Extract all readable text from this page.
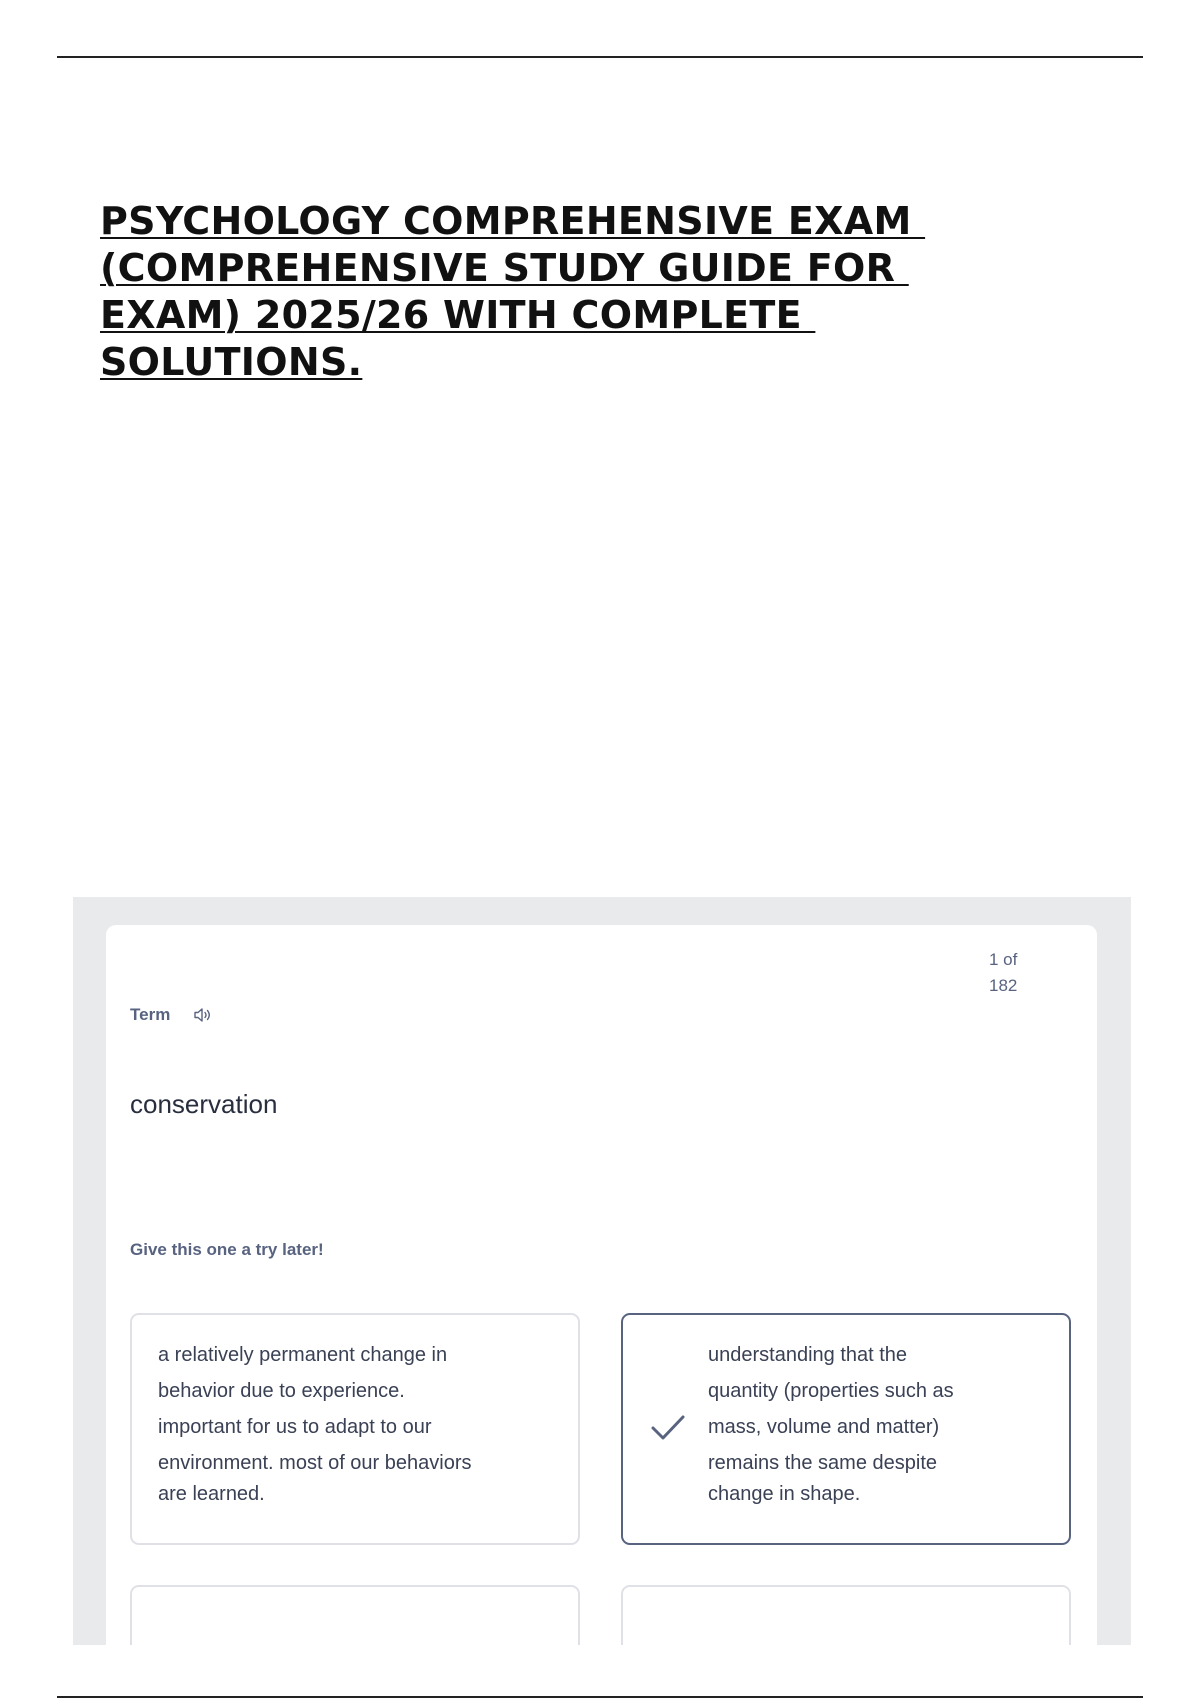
PSYCHOLOGY COMPREHENSIVE EXAM
(COMPREHENSIVE STUDY GUIDE FOR
EXAM) 2025/26 WITH COMPLETE
SOLUTIONS.
1 of
182
Term
conservation
Give this one a try later!
a relatively permanent change in
behavior due to experience.
important for us to adapt to our
environment. most of our behaviors
are learned.
understanding that the
quantity (properties such as
mass, volume and matter)
remains the same despite
change in shape.
